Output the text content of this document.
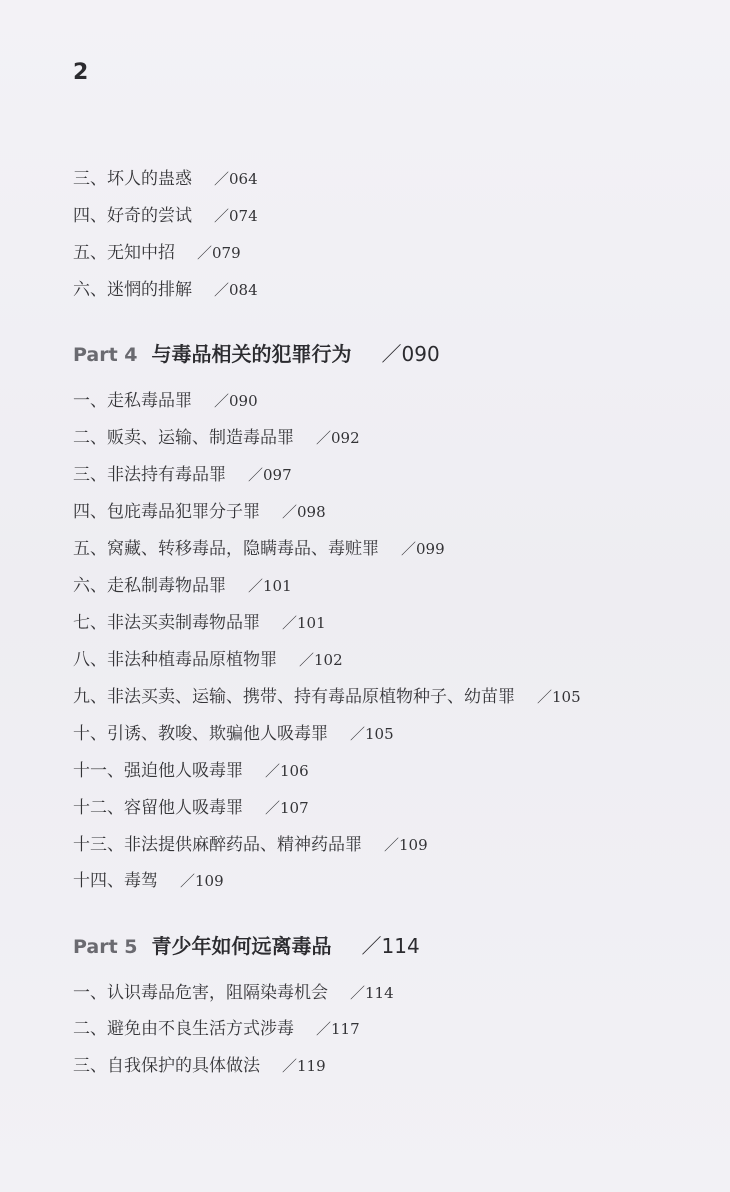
2
三、坏人的蛊惑 ／064
四、好奇的尝试 ／074
五、无知中招 ／079
六、迷惘的排解 ／084
Part 4 与毒品相关的犯罪行为 ／090
一、走私毒品罪 ／090
二、贩卖、运输、制造毒品罪 ／092
三、非法持有毒品罪 ／097
四、包庇毒品犯罪分子罪 ／098
五、窝藏、转移毒品，隐瞒毒品、毒赃罪 ／099
六、走私制毒物品罪 ／101
七、非法买卖制毒物品罪 ／101
八、非法种植毒品原植物罪 ／102
九、非法买卖、运输、携带、持有毒品原植物种子、幼苗罪 ／105
十、引诱、教唆、欺骗他人吸毒罪 ／105
十一、强迫他人吸毒罪 ／106
十二、容留他人吸毒罪 ／107
十三、非法提供麻醉药品、精神药品罪 ／109
十四、毒驾 ／109
Part 5 青少年如何远离毒品 ／114
一、认识毒品危害，阻隔染毒机会 ／114
二、避免由不良生活方式涉毒 ／117
三、自我保护的具体做法 ／119
